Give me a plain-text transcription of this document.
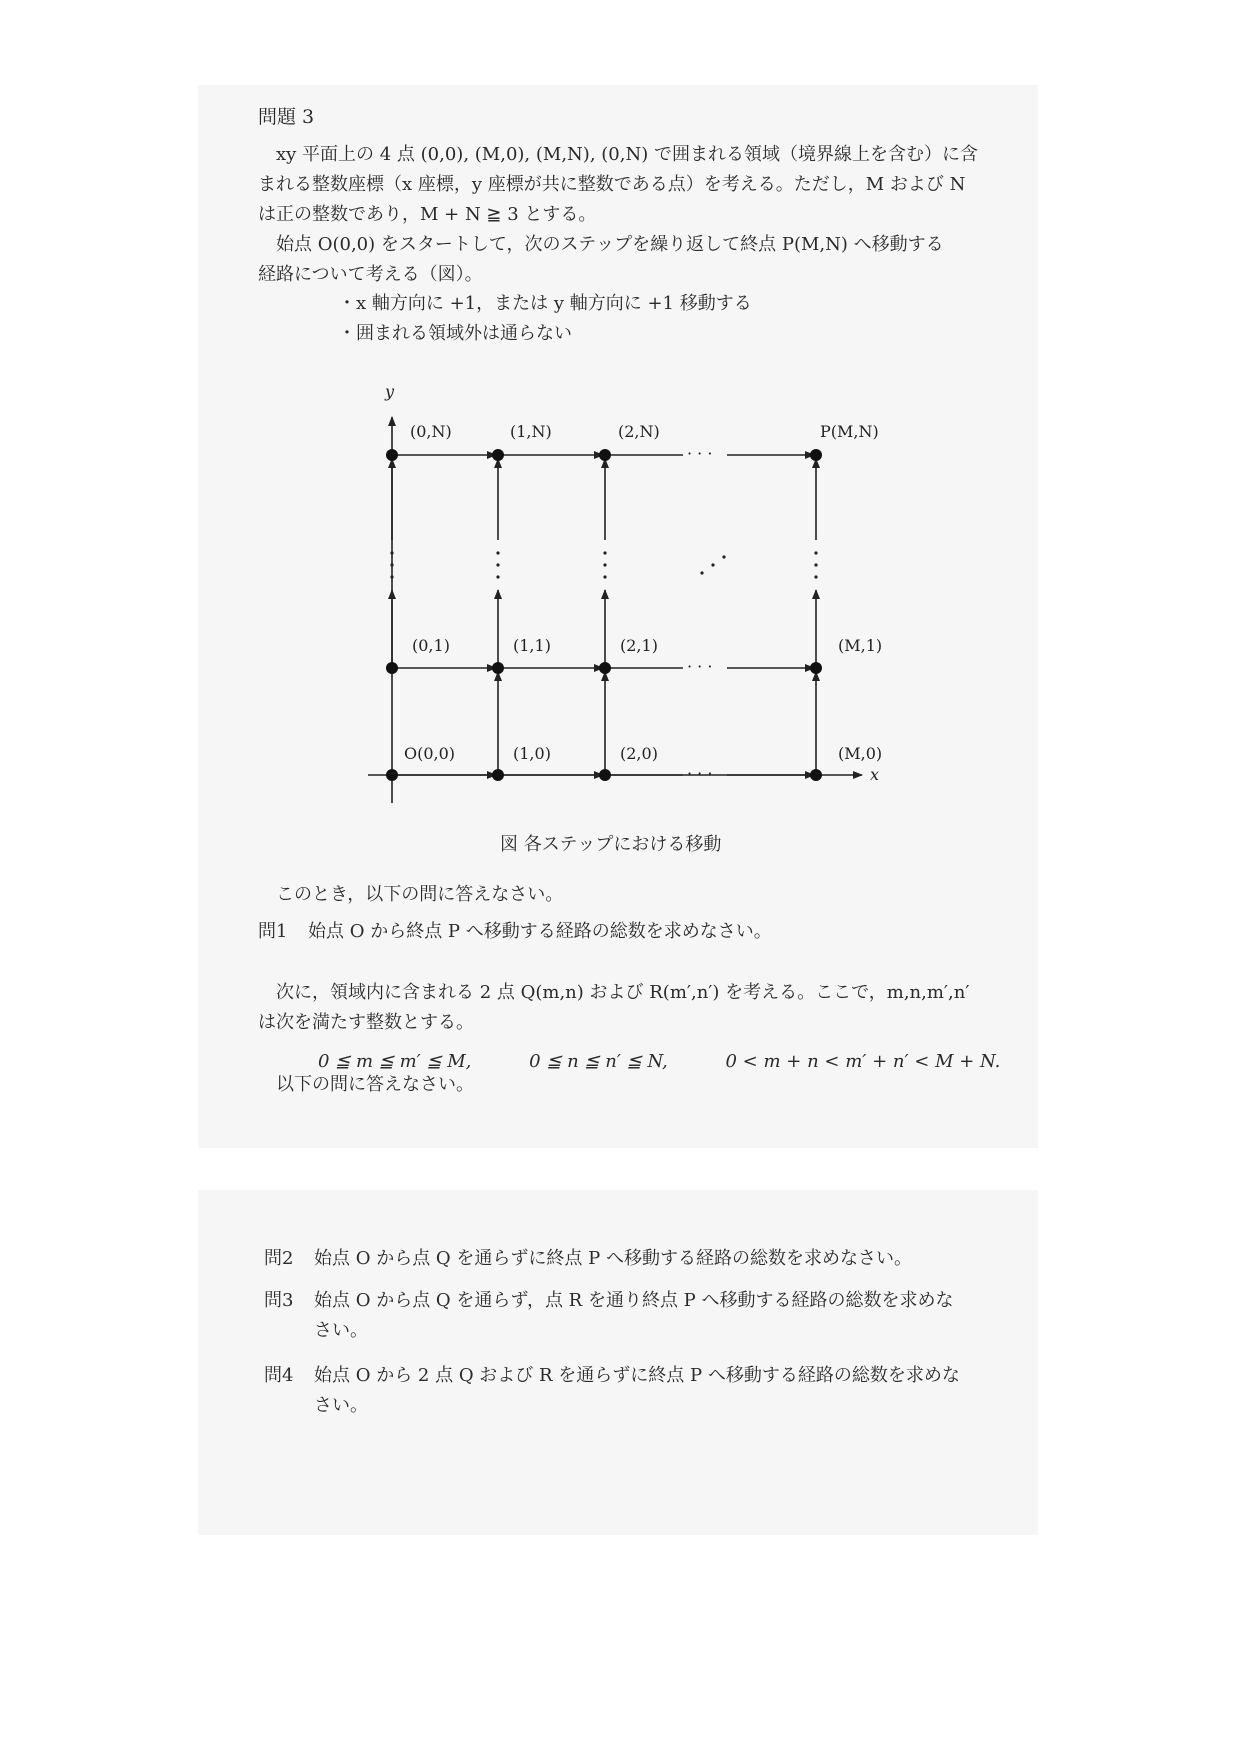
問題 3
xy 平面上の 4 点 (0,0), (M,0), (M,N), (0,N) で囲まれる領域（境界線上を含む）に含
まれる整数座標（x 座標，y 座標が共に整数である点）を考える。ただし，M および N
は正の整数であり，M + N ≧ 3 とする。
始点 O(0,0) をスタートして，次のステップを繰り返して終点 P(M,N) へ移動する
経路について考える（図）。
・x 軸方向に +1，または y 軸方向に +1 移動する
・囲まれる領域外は通らない
· · ·
· · ·
· · ·
y
x
(0,N)	(1,N)	(2,N)	P(M,N)
(0,1)	(1,1)	(2,1)	(M,1)
O(0,0)	(1,0)	(2,0)	(M,0)
図 各ステップにおける移動
このとき，以下の問に答えなさい。
問1 始点 O から終点 P へ移動する経路の総数を求めなさい。
次に，領域内に含まれる 2 点 Q(m,n) および R(m′,n′) を考える。ここで，m,n,m′,n′
は次を満たす整数とする。
0 ≦ m ≦ m′ ≦ M,	0 ≦ n ≦ n′ ≦ N,	0 < m + n < m′ + n′ < M + N.
以下の問に答えなさい。
問2 始点 O から点 Q を通らずに終点 P へ移動する経路の総数を求めなさい。
問3 始点 O から点 Q を通らず，点 R を通り終点 P へ移動する経路の総数を求めな
さい。
問4 始点 O から 2 点 Q および R を通らずに終点 P へ移動する経路の総数を求めな
さい。
